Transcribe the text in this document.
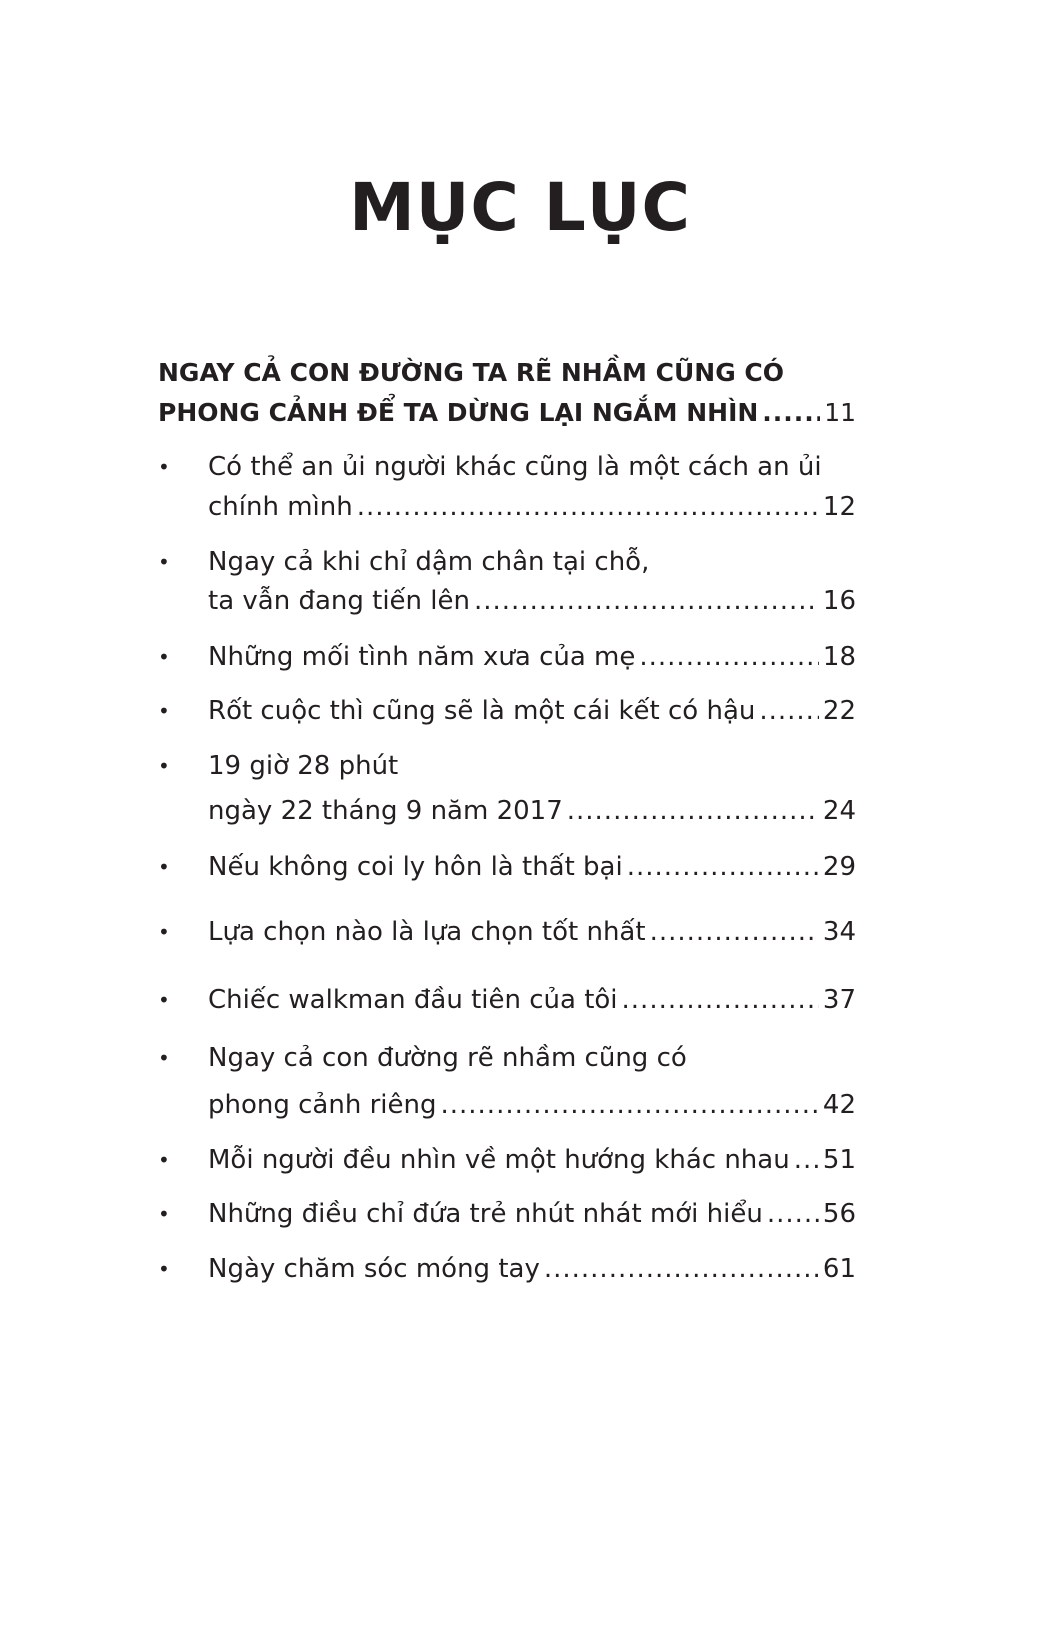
MỤC LỤC
NGAY CẢ CON ĐƯỜNG TA RẼ NHẦM CŨNG CÓ
PHONG CẢNH ĐỂ TA DỪNG LẠI NGẮM NHÌN .....	11
•	Có thể an ủi người khác cũng là một cách an ủi
chính mình .....	12
•	Ngay cả khi chỉ dậm chân tại chỗ,
ta vẫn đang tiến lên .....	16
•	Những mối tình năm xưa của mẹ .....	18
•	Rốt cuộc thì cũng sẽ là một cái kết có hậu .....	22
•	19 giờ 28 phút
ngày 22 tháng 9 năm 2017 .....	24
•	Nếu không coi ly hôn là thất bại .....	29
•	Lựa chọn nào là lựa chọn tốt nhất .....	34
•	Chiếc walkman đầu tiên của tôi .....	37
•	Ngay cả con đường rẽ nhầm cũng có
phong cảnh riêng .....	42
•	Mỗi người đều nhìn về một hướng khác nhau ..... 51
•	Những điều chỉ đứa trẻ nhút nhát mới hiểu ..... 56
•	Ngày chăm sóc móng tay .....	61
